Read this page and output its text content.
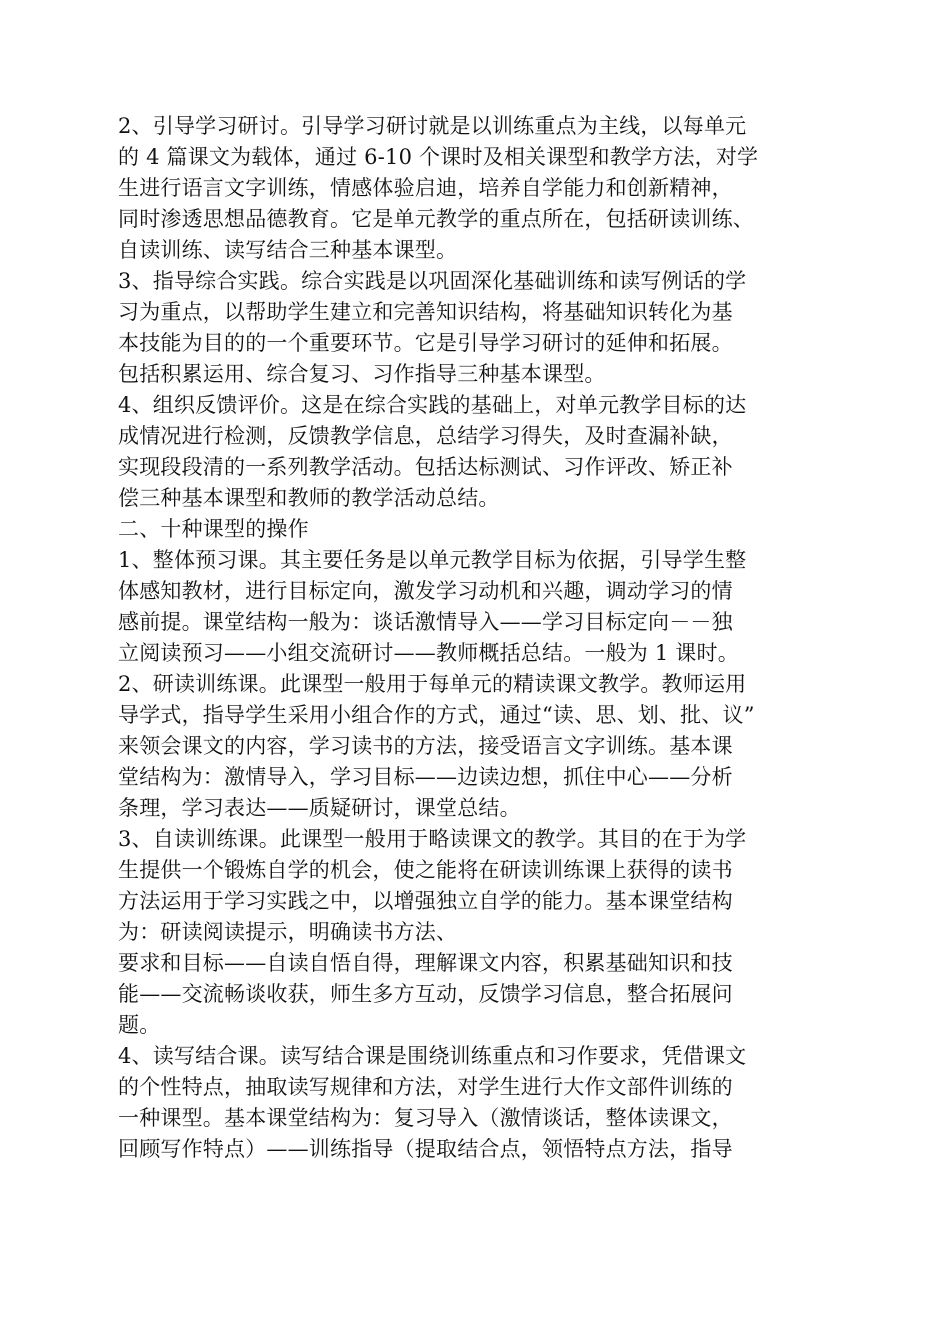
2、引导学习研讨。引导学习研讨就是以训练重点为主线，以每单元
的 4 篇课文为载体，通过 6-10 个课时及相关课型和教学方法，对学
生进行语言文字训练，情感体验启迪，培养自学能力和创新精神，
同时渗透思想品德教育。它是单元教学的重点所在，包括研读训练、
自读训练、读写结合三种基本课型。
3、指导综合实践。综合实践是以巩固深化基础训练和读写例话的学
习为重点，以帮助学生建立和完善知识结构，将基础知识转化为基
本技能为目的的一个重要环节。它是引导学习研讨的延伸和拓展。
包括积累运用、综合复习、习作指导三种基本课型。
4、组织反馈评价。这是在综合实践的基础上，对单元教学目标的达
成情况进行检测，反馈教学信息，总结学习得失，及时查漏补缺，
实现段段清的一系列教学活动。包括达标测试、习作评改、矫正补
偿三种基本课型和教师的教学活动总结。
二、十种课型的操作
1、整体预习课。其主要任务是以单元教学目标为依据，引导学生整
体感知教材，进行目标定向，激发学习动机和兴趣，调动学习的情
感前提。课堂结构一般为：谈话激情导入——学习目标定向－－独
立阅读预习——小组交流研讨——教师概括总结。一般为 1 课时。
2、研读训练课。此课型一般用于每单元的精读课文教学。教师运用
导学式，指导学生采用小组合作的方式，通过“读、思、划、批、议”
来领会课文的内容，学习读书的方法，接受语言文字训练。基本课
堂结构为：激情导入，学习目标——边读边想，抓住中心——分析
条理，学习表达——质疑研讨，课堂总结。
3、自读训练课。此课型一般用于略读课文的教学。其目的在于为学
生提供一个锻炼自学的机会，使之能将在研读训练课上获得的读书
方法运用于学习实践之中，以增强独立自学的能力。基本课堂结构
为：研读阅读提示，明确读书方法、
要求和目标——自读自悟自得，理解课文内容，积累基础知识和技
能——交流畅谈收获，师生多方互动，反馈学习信息，整合拓展问
题。
4、读写结合课。读写结合课是围绕训练重点和习作要求，凭借课文
的个性特点，抽取读写规律和方法，对学生进行大作文部件训练的
一种课型。基本课堂结构为：复习导入（激情谈话，整体读课文，
回顾写作特点）——训练指导（提取结合点，领悟特点方法，指导
